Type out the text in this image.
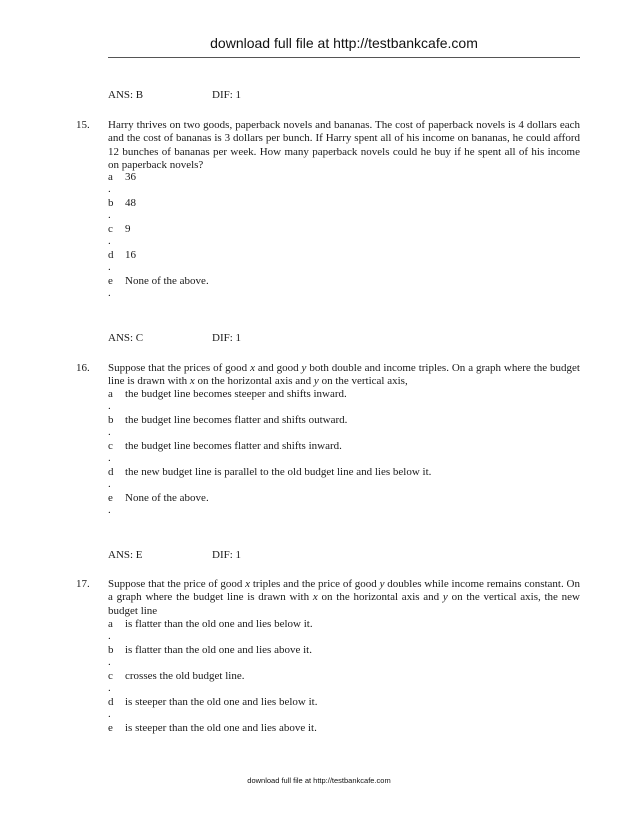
download full file at http://testbankcafe.com
ANS: B	DIF: 1
15. Harry thrives on two goods, paperback novels and bananas. The cost of paperback novels is 4 dollars each and the cost of bananas is 3 dollars per bunch. If Harry spent all of his income on bananas, he could afford 12 bunches of bananas per week. How many paperback novels could he buy if he spent all of his income on paperback novels?
a 36
.
b 48
.
c 9
.
d 16
.
e None of the above.
.
ANS: C	DIF: 1
16. Suppose that the prices of good x and good y both double and income triples. On a graph where the budget line is drawn with x on the horizontal axis and y on the vertical axis,
a the budget line becomes steeper and shifts inward.
.
b the budget line becomes flatter and shifts outward.
.
c the budget line becomes flatter and shifts inward.
.
d the new budget line is parallel to the old budget line and lies below it.
.
e None of the above.
.
ANS: E	DIF: 1
17. Suppose that the price of good x triples and the price of good y doubles while income remains constant. On a graph where the budget line is drawn with x on the horizontal axis and y on the vertical axis, the new budget line
a is flatter than the old one and lies below it.
.
b is flatter than the old one and lies above it.
.
c crosses the old budget line.
.
d is steeper than the old one and lies below it.
.
e is steeper than the old one and lies above it.
download full file at http://testbankcafe.com
